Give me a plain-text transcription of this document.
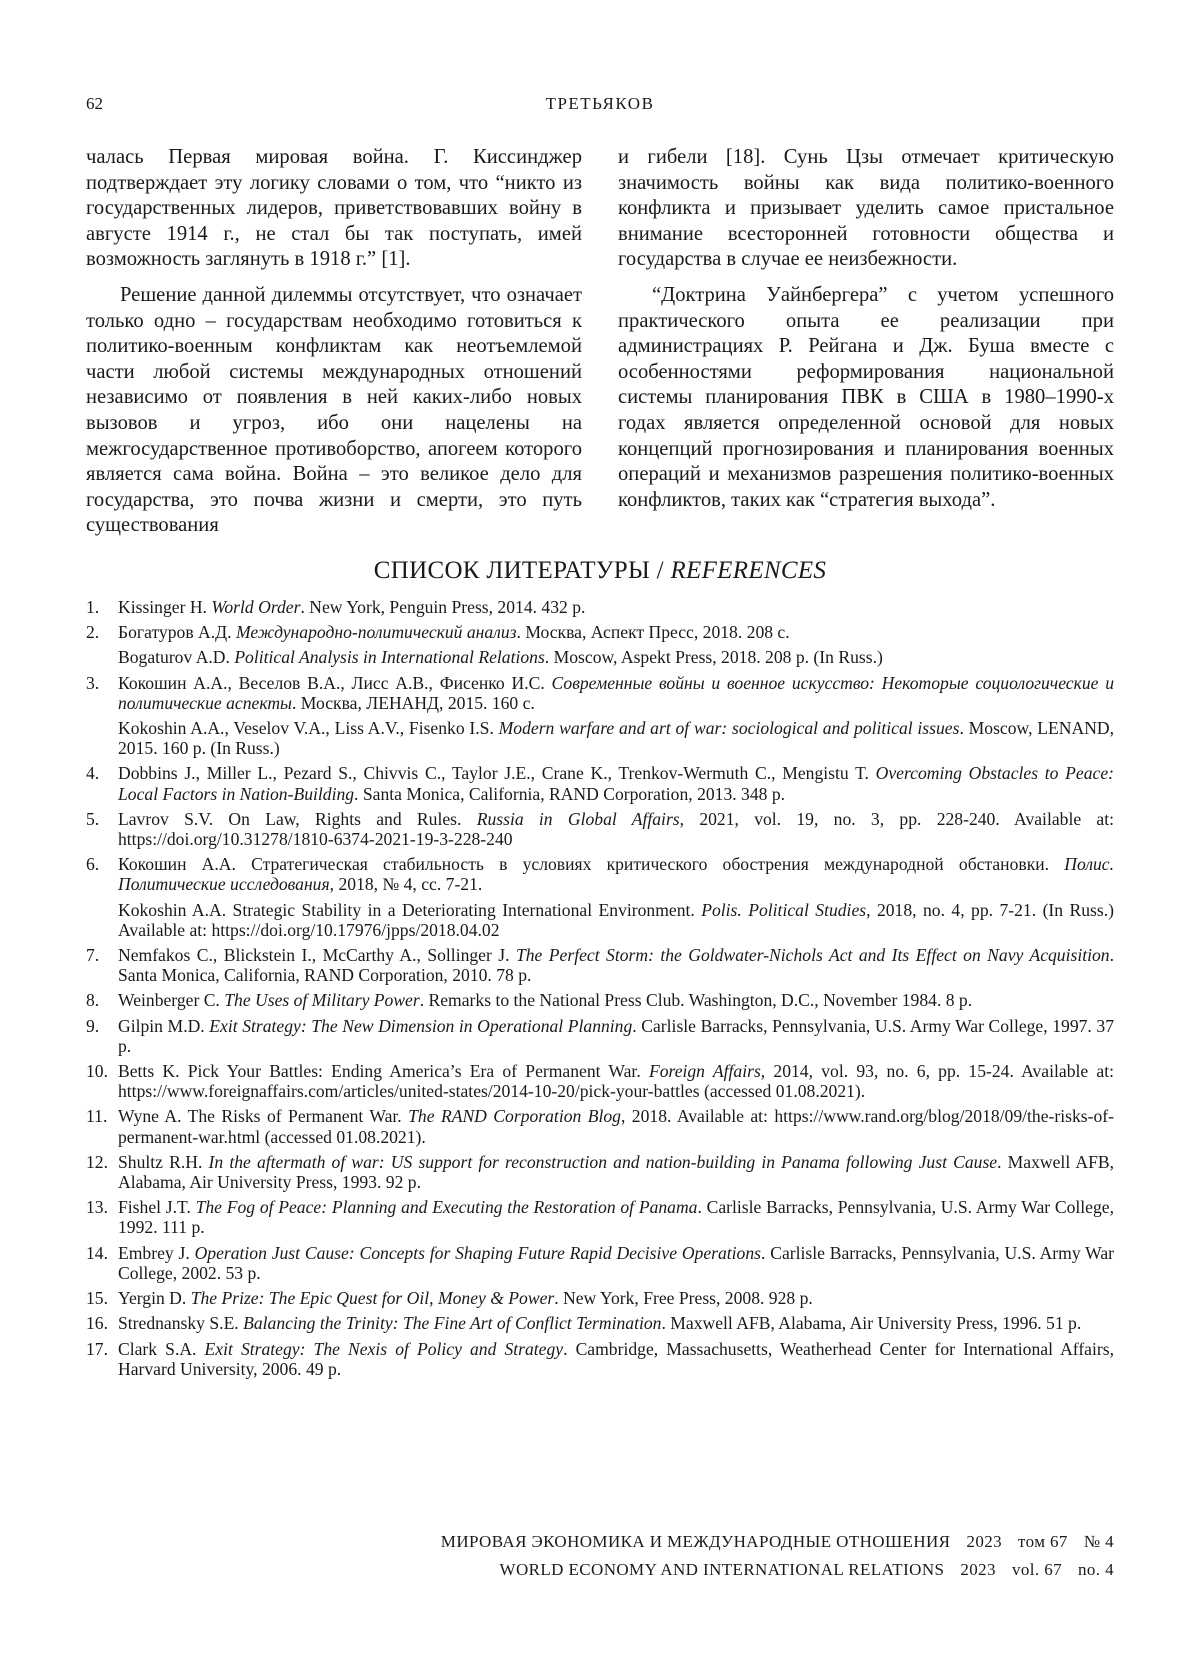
62	ТРЕТЬЯКОВ

чалась Первая мировая война. Г. Киссинджер подтверждает эту логику словами о том, что “никто из государственных лидеров, приветствовавших войну в августе 1914 г., не стал бы так поступать, имей возможность заглянуть в 1918 г.” [1].

Решение данной дилеммы отсутствует, что означает только одно – государствам необходимо готовиться к политико-военным конфликтам как неотъемлемой части любой системы международных отношений независимо от появления в ней каких-либо новых вызовов и угроз, ибо они нацелены на межгосударственное противоборство, апогеем которого является сама война. Война – это великое дело для государства, это почва жизни и смерти, это путь существования

и гибели [18]. Сунь Цзы отмечает критическую значимость войны как вида политико-военного конфликта и призывает уделить самое пристальное внимание всесторонней готовности общества и государства в случае ее неизбежности.

“Доктрина Уайнбергера” с учетом успешного практического опыта ее реализации при администрациях Р. Рейгана и Дж. Буша вместе с особенностями реформирования национальной системы планирования ПВК в США в 1980–1990-х годах является определенной основой для новых концепций прогнозирования и планирования военных операций и механизмов разрешения политико-военных конфликтов, таких как “стратегия выхода”.

СПИСОК ЛИТЕРАТУРЫ / REFERENCES
1. Kissinger H. World Order. New York, Penguin Press, 2014. 432 p.
2. Богатуров А.Д. Международно-политический анализ. Москва, Аспект Пресс, 2018. 208 с.
Bogaturov A.D. Political Analysis in International Relations. Moscow, Aspekt Press, 2018. 208 p. (In Russ.)
3. Кокошин А.А., Веселов В.А., Лисс А.В., Фисенко И.С. Современные войны и военное искусство: Некоторые социологические и политические аспекты. Москва, ЛЕНАНД, 2015. 160 с.
Kokoshin A.A., Veselov V.A., Liss A.V., Fisenko I.S. Modern warfare and art of war: sociological and political issues. Moscow, LENAND, 2015. 160 p. (In Russ.)
4. Dobbins J., Miller L., Pezard S., Chivvis C., Taylor J.E., Crane K., Trenkov-Wermuth C., Mengistu T. Overcoming Obstacles to Peace: Local Factors in Nation-Building. Santa Monica, California, RAND Corporation, 2013. 348 p.
5. Lavrov S.V. On Law, Rights and Rules. Russia in Global Affairs, 2021, vol. 19, no. 3, pp. 228-240. Available at: https://doi.org/10.31278/1810-6374-2021-19-3-228-240
6. Кокошин А.А. Стратегическая стабильность в условиях критического обострения международной обстановки. Полис. Политические исследования, 2018, № 4, сс. 7-21.
Kokoshin A.A. Strategic Stability in a Deteriorating International Environment. Polis. Political Studies, 2018, no. 4, pp. 7-21. (In Russ.) Available at: https://doi.org/10.17976/jpps/2018.04.02
7. Nemfakos C., Blickstein I., McCarthy A., Sollinger J. The Perfect Storm: the Goldwater-Nichols Act and Its Effect on Navy Acquisition. Santa Monica, California, RAND Corporation, 2010. 78 p.
8. Weinberger C. The Uses of Military Power. Remarks to the National Press Club. Washington, D.C., November 1984. 8 p.
9. Gilpin M.D. Exit Strategy: The New Dimension in Operational Planning. Carlisle Barracks, Pennsylvania, U.S. Army War College, 1997. 37 p.
10. Betts K. Pick Your Battles: Ending America’s Era of Permanent War. Foreign Affairs, 2014, vol. 93, no. 6, pp. 15-24. Available at: https://www.foreignaffairs.com/articles/united-states/2014-10-20/pick-your-battles (accessed 01.08.2021).
11. Wyne A. The Risks of Permanent War. The RAND Corporation Blog, 2018. Available at: https://www.rand.org/blog/2018/09/the-risks-of-permanent-war.html (accessed 01.08.2021).
12. Shultz R.H. In the aftermath of war: US support for reconstruction and nation-building in Panama following Just Cause. Maxwell AFB, Alabama, Air University Press, 1993. 92 p.
13. Fishel J.T. The Fog of Peace: Planning and Executing the Restoration of Panama. Carlisle Barracks, Pennsylvania, U.S. Army War College, 1992. 111 p.
14. Embrey J. Operation Just Cause: Concepts for Shaping Future Rapid Decisive Operations. Carlisle Barracks, Pennsylvania, U.S. Army War College, 2002. 53 p.
15. Yergin D. The Prize: The Epic Quest for Oil, Money & Power. New York, Free Press, 2008. 928 p.
16. Strednansky S.E. Balancing the Trinity: The Fine Art of Conflict Termination. Maxwell AFB, Alabama, Air University Press, 1996. 51 p.
17. Clark S.A. Exit Strategy: The Nexis of Policy and Strategy. Cambridge, Massachusetts, Weatherhead Center for International Affairs, Harvard University, 2006. 49 p.
МИРОВАЯ ЭКОНОМИКА И МЕЖДУНАРОДНЫЕ ОТНОШЕНИЯ 2023 том 67 № 4
WORLD ECONOMY AND INTERNATIONAL RELATIONS 2023 vol. 67 no. 4
